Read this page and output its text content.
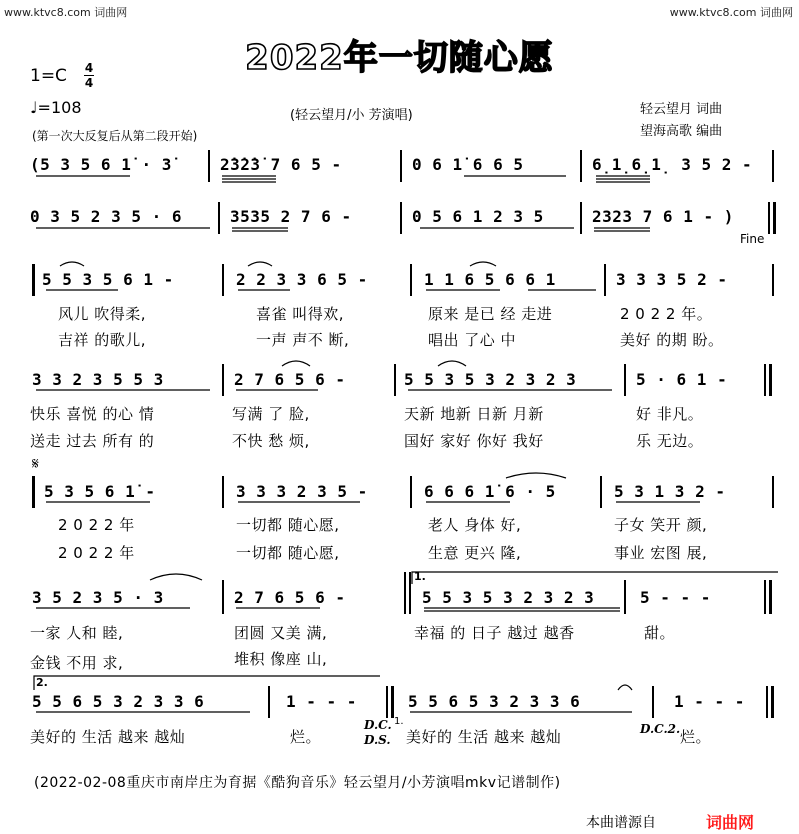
www.ktvc8.com 词曲网	www.ktvc8.com 词曲网
2022年一切随心愿
1=C 4
4
♩=108	(轻云望月/小 芳演唱)	轻云望月 词曲
望海高歌 编曲
(第一次大反复后从第二段开始)
(5 3 5 6 1̇ · 3̇	2̇3̇2̇3̇ 7 6 5 -	0 6 1̇ 6 6 5	6̣1̣6̣1̣ 3 5 2 -
0 3 5 2 3 5 · 6	3535 2 7 6 -	0 5 6 1 2 3 5	2323 7 6 1 - )
Fine
5 5 3 5 6 1 -	2 2 3 3 6 5 -	1 1 6 5 6 6 1	3 3 3 5 2 -
风儿 吹得柔,	喜雀 叫得欢,	原来 是已 经 走进	2 0 2 2 年。
吉祥 的歌儿,	一声 声不 断,	唱出 了心 中	美好 的期 盼。
3 3 2 3 5 5 3	2 7 6 5 6 -	5 5 3 5 3 2 3 2 3	5 · 6 1 -
快乐 喜悦 的心 情	写满 了 脸,	天新 地新 日新 月新	好 非凡。
送走 过去 所有 的	不快 愁 烦,	国好 家好 你好 我好	乐 无边。
𝄋
5 3 5 6 1̇ -	3 3 3 2 3 5 -	6 6 6 1̇ 6 · 5	5 3 1 3 2 -
2 0 2 2 年	一切都 随心愿,	老人 身体 好,	子女 笑开 颜,
2 0 2 2 年	一切都 随心愿,	生意 更兴 隆,	事业 宏图 展,
3 5 2 3 5 · 3	2 7 6 5 6 -
1.
5 5 3 5 3 2 3 2 3	5 - - -
一家 人和 睦,	团圆 又美 满,	幸福 的 日子 越过 越香	甜。
金钱 不用 求,	堆积 像座 山,
2.
5 5 6 5 3 2 3 3 6	1 - - -	5 5 6 5 3 2 3 3 6	1 - - -
美好的 生活 越来 越灿	烂。
D.C. 1.
D.S. 美好的 生活 越来 越灿	D.C.2. 烂。
(2022-02-08重庆市南岸庄为育据《酷狗音乐》轻云望月/小芳演唱mkv记谱制作)
本曲谱源自	词曲网
